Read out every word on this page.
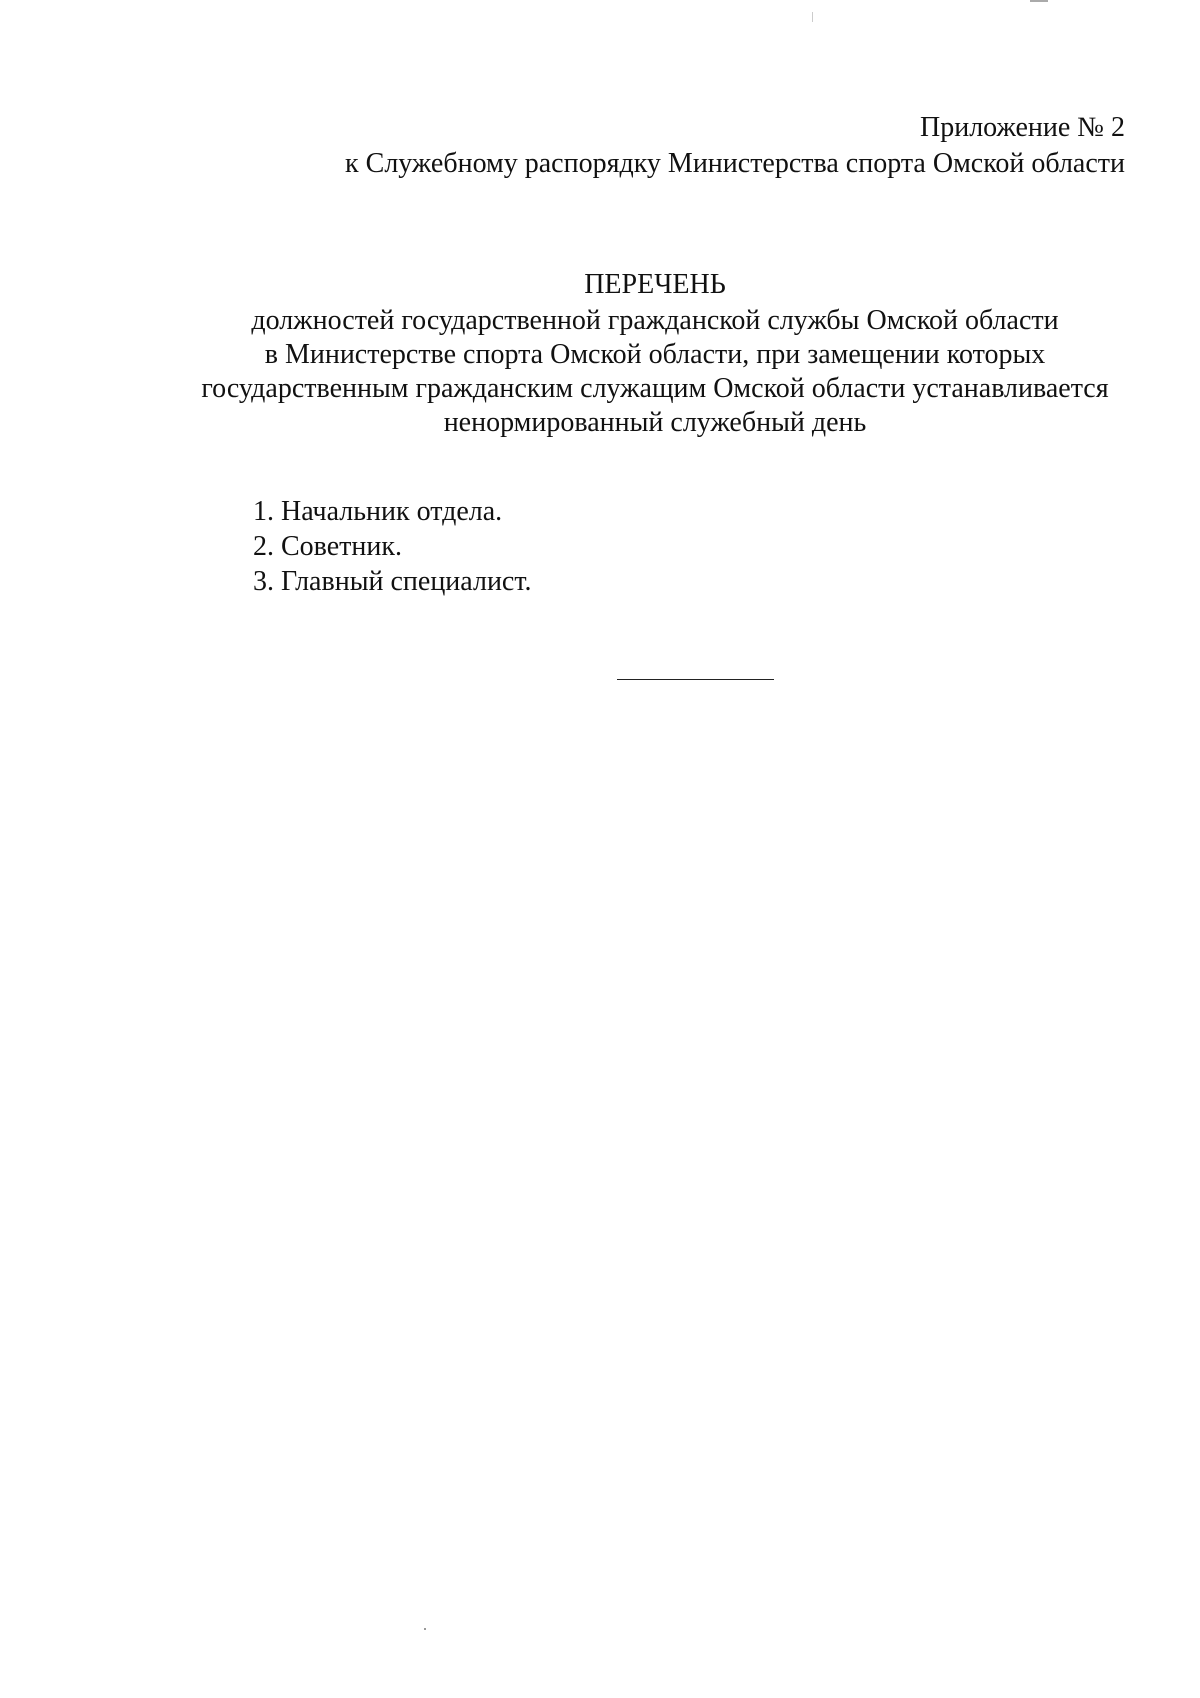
Приложение № 2
к Служебному распорядку Министерства спорта Омской области
ПЕРЕЧЕНЬ
должностей государственной гражданской службы Омской области
в Министерстве спорта Омской области, при замещении которых
государственным гражданским служащим Омской области устанавливается
ненормированный служебный день
1. Начальник отдела.
2. Советник.
3. Главный специалист.
